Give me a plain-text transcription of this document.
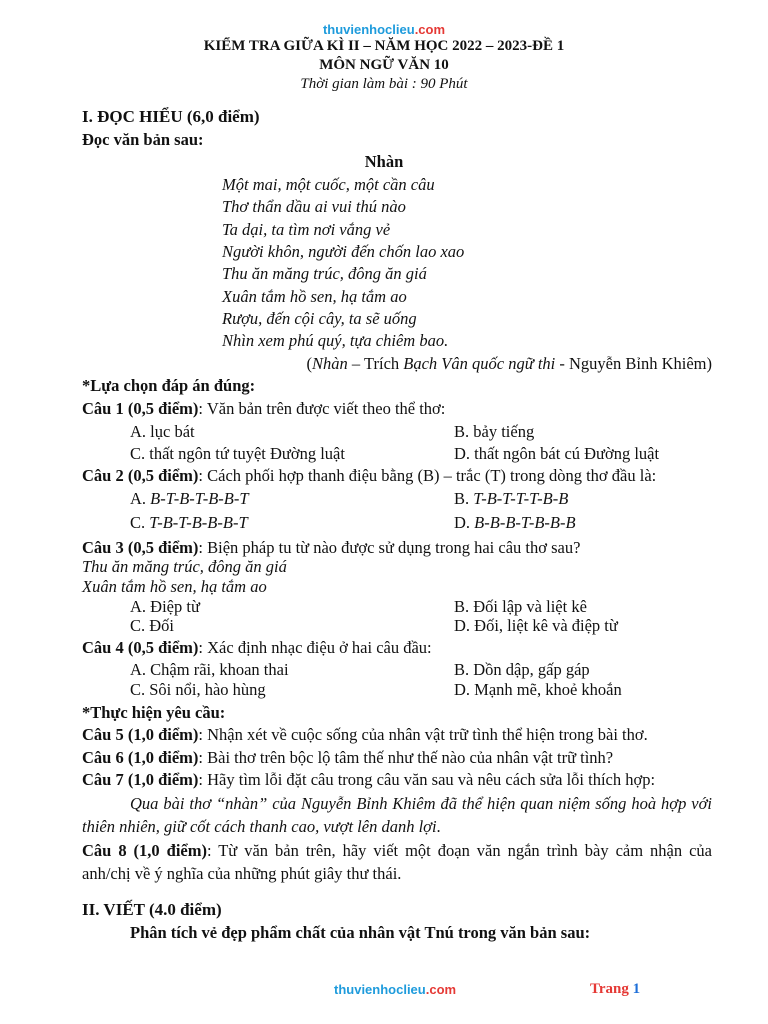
thuvienhoclieu.com
KIỂM TRA GIỮA KÌ II – NĂM HỌC 2022 – 2023-ĐỀ 1
MÔN NGỮ VĂN 10
Thời gian làm bài : 90 Phút
I. ĐỌC HIỂU (6,0 điểm)
Đọc văn bản sau:
Nhàn
Một mai, một cuốc, một cần câu
Thơ thẩn dầu ai vui thú nào
Ta dại, ta tìm nơi vắng vẻ
Người khôn, người đến chốn lao xao
Thu ăn măng trúc, đông ăn giá
Xuân tắm hồ sen, hạ tắm ao
Rượu, đến cội cây, ta sẽ uống
Nhìn xem phú quý, tựa chiêm bao.
(Nhàn – Trích Bạch Vân quốc ngữ thi - Nguyễn Bỉnh Khiêm)
*Lựa chọn đáp án đúng:
Câu 1 (0,5 điểm): Văn bản trên được viết theo thể thơ:
A. lục bát	B. bảy tiếng
C. thất ngôn tứ tuyệt Đường luật	D. thất ngôn bát cú Đường luật
Câu 2 (0,5 điểm): Cách phối hợp thanh điệu bằng (B) – trắc (T) trong dòng thơ đầu là:
A. B-T-B-T-B-B-T	B. T-B-T-T-T-B-B
C. T-B-T-B-B-B-T	D. B-B-B-T-B-B-B
Câu 3 (0,5 điểm): Biện pháp tu từ nào được sử dụng trong hai câu thơ sau?
Thu ăn măng trúc, đông ăn giá
Xuân tắm hồ sen, hạ tắm ao
A. Điệp từ	B. Đối lập và liệt kê
C. Đối	D. Đối, liệt kê và điệp từ
Câu 4 (0,5 điểm): Xác định nhạc điệu ở hai câu đầu:
A. Chậm rãi, khoan thai	B. Dồn dập, gấp gáp
C. Sôi nổi, hào hùng	D. Mạnh mẽ, khoẻ khoắn
*Thực hiện yêu cầu:
Câu 5 (1,0 điểm): Nhận xét về cuộc sống của nhân vật trữ tình thể hiện trong bài thơ.
Câu 6 (1,0 điểm): Bài thơ trên bộc lộ tâm thế như thế nào của nhân vật trữ tình?
Câu 7 (1,0 điểm): Hãy tìm lỗi đặt câu trong câu văn sau và nêu cách sửa lỗi thích hợp:
Qua bài thơ “nhàn” của Nguyễn Bỉnh Khiêm đã thể hiện quan niệm sống hoà hợp với thiên nhiên, giữ cốt cách thanh cao, vượt lên danh lợi.
Câu 8 (1,0 điểm): Từ văn bản trên, hãy viết một đoạn văn ngắn trình bày cảm nhận của anh/chị về ý nghĩa của những phút giây thư thái.
II. VIẾT (4.0 điểm)
Phân tích vẻ đẹp phẩm chất của nhân vật Tnú trong văn bản sau:
thuvienhoclieu.com	Trang 1
